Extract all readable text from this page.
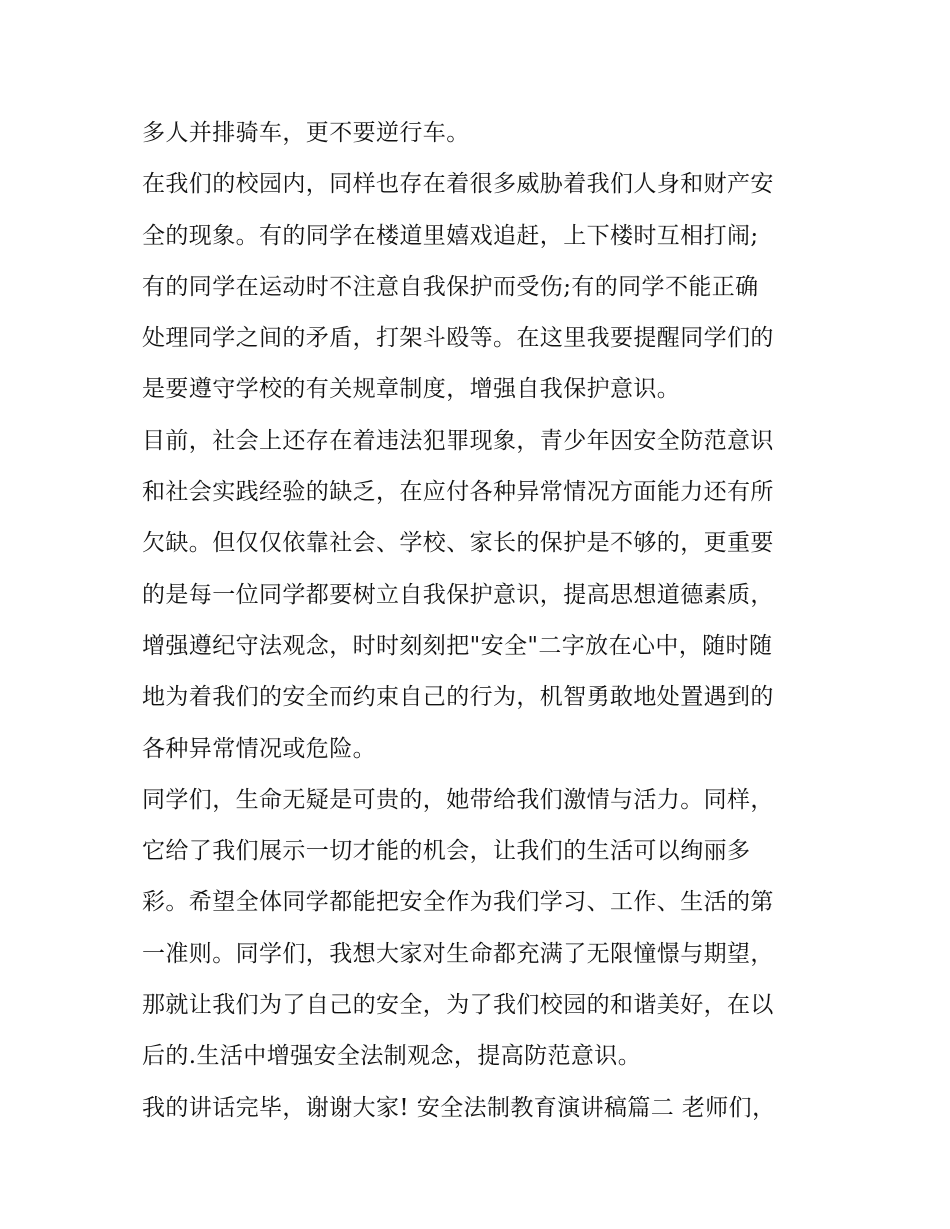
多人并排骑车，更不要逆行车。
在我们的校园内，同样也存在着很多威胁着我们人身和财产安
全的现象。有的同学在楼道里嬉戏追赶，上下楼时互相打闹;
有的同学在运动时不注意自我保护而受伤;有的同学不能正确
处理同学之间的矛盾，打架斗殴等。在这里我要提醒同学们的
是要遵守学校的有关规章制度，增强自我保护意识。
目前，社会上还存在着违法犯罪现象，青少年因安全防范意识
和社会实践经验的缺乏，在应付各种异常情况方面能力还有所
欠缺。但仅仅依靠社会、学校、家长的保护是不够的，更重要
的是每一位同学都要树立自我保护意识，提高思想道德素质，
增强遵纪守法观念，时时刻刻把"安全"二字放在心中，随时随
地为着我们的安全而约束自己的行为，机智勇敢地处置遇到的
各种异常情况或危险。
同学们，生命无疑是可贵的，她带给我们激情与活力。同样，
它给了我们展示一切才能的机会，让我们的生活可以绚丽多
彩。希望全体同学都能把安全作为我们学习、工作、生活的第
一准则。同学们，我想大家对生命都充满了无限憧憬与期望，
那就让我们为了自己的安全，为了我们校园的和谐美好，在以
后的.生活中增强安全法制观念，提高防范意识。
我的讲话完毕，谢谢大家! 安全法制教育演讲稿篇二 老师们，
